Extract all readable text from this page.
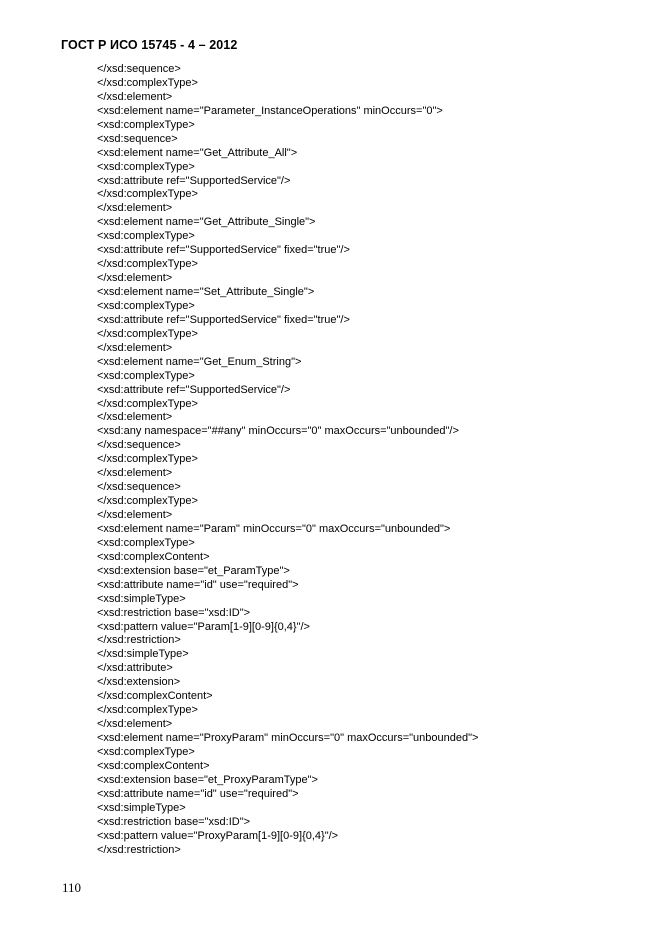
ГОСТ Р ИСО 15745 - 4 – 2012
</xsd:sequence>
</xsd:complexType>
</xsd:element>
<xsd:element name="Parameter_InstanceOperations" minOccurs="0">
<xsd:complexType>
<xsd:sequence>
<xsd:element name="Get_Attribute_All">
<xsd:complexType>
<xsd:attribute ref="SupportedService"/>
</xsd:complexType>
</xsd:element>
<xsd:element name="Get_Attribute_Single">
<xsd:complexType>
<xsd:attribute ref="SupportedService" fixed="true"/>
</xsd:complexType>
</xsd:element>
<xsd:element name="Set_Attribute_Single">
<xsd:complexType>
<xsd:attribute ref="SupportedService" fixed="true"/>
</xsd:complexType>
</xsd:element>
<xsd:element name="Get_Enum_String">
<xsd:complexType>
<xsd:attribute ref="SupportedService"/>
</xsd:complexType>
</xsd:element>
<xsd:any namespace="##any" minOccurs="0" maxOccurs="unbounded"/>
</xsd:sequence>
</xsd:complexType>
</xsd:element>
</xsd:sequence>
</xsd:complexType>
</xsd:element>
<xsd:element name="Param" minOccurs="0" maxOccurs="unbounded">
<xsd:complexType>
<xsd:complexContent>
<xsd:extension base="et_ParamType">
<xsd:attribute name="id" use="required">
<xsd:simpleType>
<xsd:restriction base="xsd:ID">
<xsd:pattern value="Param[1-9][0-9]{0,4}"/>
</xsd:restriction>
</xsd:simpleType>
</xsd:attribute>
</xsd:extension>
</xsd:complexContent>
</xsd:complexType>
</xsd:element>
<xsd:element name="ProxyParam" minOccurs="0" maxOccurs="unbounded">
<xsd:complexType>
<xsd:complexContent>
<xsd:extension base="et_ProxyParamType">
<xsd:attribute name="id" use="required">
<xsd:simpleType>
<xsd:restriction base="xsd:ID">
<xsd:pattern value="ProxyParam[1-9][0-9]{0,4}"/>
</xsd:restriction>
110
